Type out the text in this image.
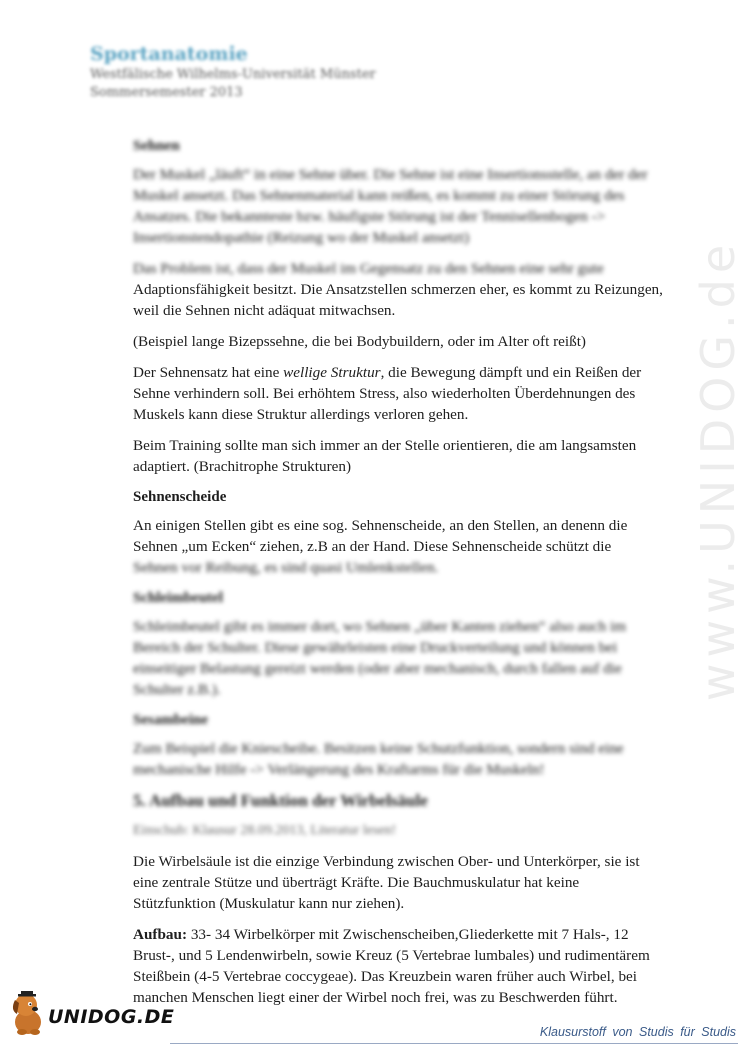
Sportanatomie
Westfälische Wilhelms-Universität Münster
Sommersemester 2013
www.UNIDOG.de
Sehnen

Der Muskel „läuft“ in eine Sehne über. Die Sehne ist eine Insertionsstelle, an der der Muskel ansetzt. Das Sehnenmaterial kann reißen, es kommt zu einer Störung des Ansatzes. Die bekannteste bzw. häufigste Störung ist der Tennisellenbogen -> Insertionstendopathie (Reizung wo der Muskel ansetzt)

Das Problem ist, dass der Muskel im Gegensatz zu den Sehnen eine sehr gute
Adaptionsfähigkeit besitzt. Die Ansatzstellen schmerzen eher, es kommt zu Reizungen, weil die Sehnen nicht adäquat mitwachsen.

(Beispiel lange Bizepssehne, die bei Bodybuildern, oder im Alter oft reißt)

Der Sehnensatz hat eine wellige Struktur, die Bewegung dämpft und ein Reißen der Sehne verhindern soll. Bei erhöhtem Stress, also wiederholten Überdehnungen des Muskels kann diese Struktur allerdings verloren gehen.

Beim Training sollte man sich immer an der Stelle orientieren, die am langsamsten adaptiert. (Brachitrophe Strukturen)

Sehnenscheide

An einigen Stellen gibt es eine sog. Sehnenscheide, an den Stellen, an denenn die Sehnen „um Ecken“ ziehen, z.B an der Hand. Diese Sehnenscheide schützt die
Sehnen vor Reibung, es sind quasi Umlenkstellen.

Schleimbeutel

Schleimbeutel gibt es immer dort, wo Sehnen „über Kanten ziehen“ also auch im Bereich der Schulter. Diese gewährleisten eine Druckverteilung und können bei einseitiger Belastung gereizt werden (oder aber mechanisch, durch fallen auf die Schulter z.B.).

Sesambeine

Zum Beispiel die Kniescheibe. Besitzen keine Schutzfunktion, sondern sind eine mechanische Hilfe -> Verlängerung des Kraftarms für die Muskeln!

5. Aufbau und Funktion der Wirbelsäule

Einschub: Klausur 28.09.2013, Literatur lesen!

Die Wirbelsäule ist die einzige Verbindung zwischen Ober- und Unterkörper, sie ist eine zentrale Stütze und überträgt Kräfte. Die Bauchmuskulatur hat keine Stützfunktion (Muskulatur kann nur ziehen).

Aufbau: 33- 34 Wirbelkörper mit Zwischenscheiben,Gliederkette mit 7 Hals-, 12 Brust-, und 5 Lendenwirbeln, sowie Kreuz (5 Vertebrae lumbales) und rudimentärem Steißbein (4-5 Vertebrae coccygeae). Das Kreuzbein waren früher auch Wirbel, bei manchen Menschen liegt einer der Wirbel noch frei, was zu Beschwerden führt.

UNIDOG.DE
Klausurstoff von Studis für Studis
